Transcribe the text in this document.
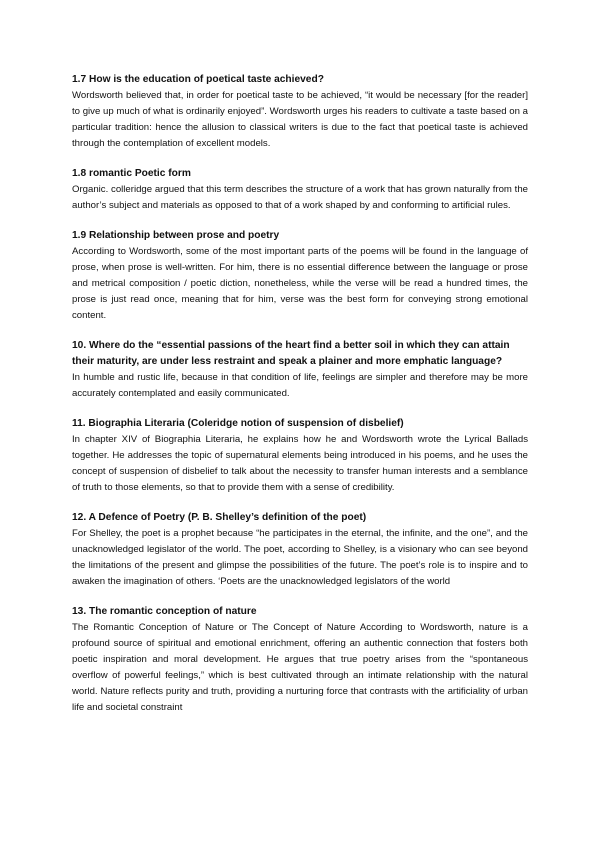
1.7 How is the education of poetical taste achieved?

Wordsworth believed that, in order for poetical taste to be achieved, “it would be necessary [for the reader] to give up much of what is ordinarily enjoyed”. Wordsworth urges his readers to cultivate a taste based on a particular tradition: hence the allusion to classical writers is due to the fact that poetical taste is achieved through the contemplation of excellent models.

1.8 romantic Poetic form

Organic. colleridge argued that this term describes the structure of a work that has grown naturally from the author’s subject and materials as opposed to that of a work shaped by and conforming to artificial rules.

1.9 Relationship between prose and poetry

According to Wordsworth, some of the most important parts of the poems will be found in the language of prose, when prose is well-written. For him, there is no essential difference between the language or prose and metrical composition / poetic diction, nonetheless, while the verse will be read a hundred times, the prose is just read once, meaning that for him, verse was the best form for conveying strong emotional content.

10. Where do the “essential passions of the heart find a better soil in which they can attain their maturity, are under less restraint and speak a plainer and more emphatic language?

In humble and rustic life, because in that condition of life, feelings are simpler and therefore may be more accurately contemplated and easily communicated.

11. Biographia Literaria (Coleridge notion of suspension of disbelief)

In chapter XIV of Biographia Literaria, he explains how he and Wordsworth wrote the Lyrical Ballads together. He addresses the topic of supernatural elements being introduced in his poems, and he uses the concept of suspension of disbelief to talk about the necessity to transfer human interests and a semblance of truth to those elements, so that to provide them with a sense of credibility.

12. A Defence of Poetry (P. B. Shelley’s definition of the poet)

For Shelley, the poet is a prophet because “he participates in the eternal, the infinite, and the one”, and the unacknowledged legislator of the world. The poet, according to Shelley, is a visionary who can see beyond the limitations of the present and glimpse the possibilities of the future. The poet’s role is to inspire and to awaken the imagination of others. ‘Poets are the unacknowledged legislators of the world

13. The romantic conception of nature

The Romantic Conception of Nature or The Concept of Nature According to Wordsworth, nature is a profound source of spiritual and emotional enrichment, offering an authentic connection that fosters both poetic inspiration and moral development. He argues that true poetry arises from the “spontaneous overflow of powerful feelings,” which is best cultivated through an intimate relationship with the natural world. Nature reflects purity and truth, providing a nurturing force that contrasts with the artificiality of urban life and societal constraint
